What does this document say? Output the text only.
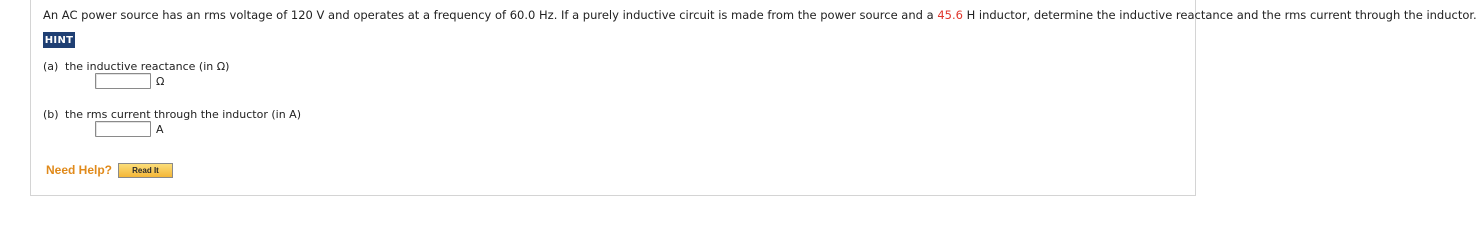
An AC power source has an rms voltage of 120 V and operates at a frequency of 60.0 Hz. If a purely inductive circuit is made from the power source and a 45.6 H inductor, determine the inductive reactance and the rms current through the inductor.
HINT
(a) the inductive reactance (in Ω)
Ω
(b) the rms current through the inductor (in A)
A
Need Help?	Read It
